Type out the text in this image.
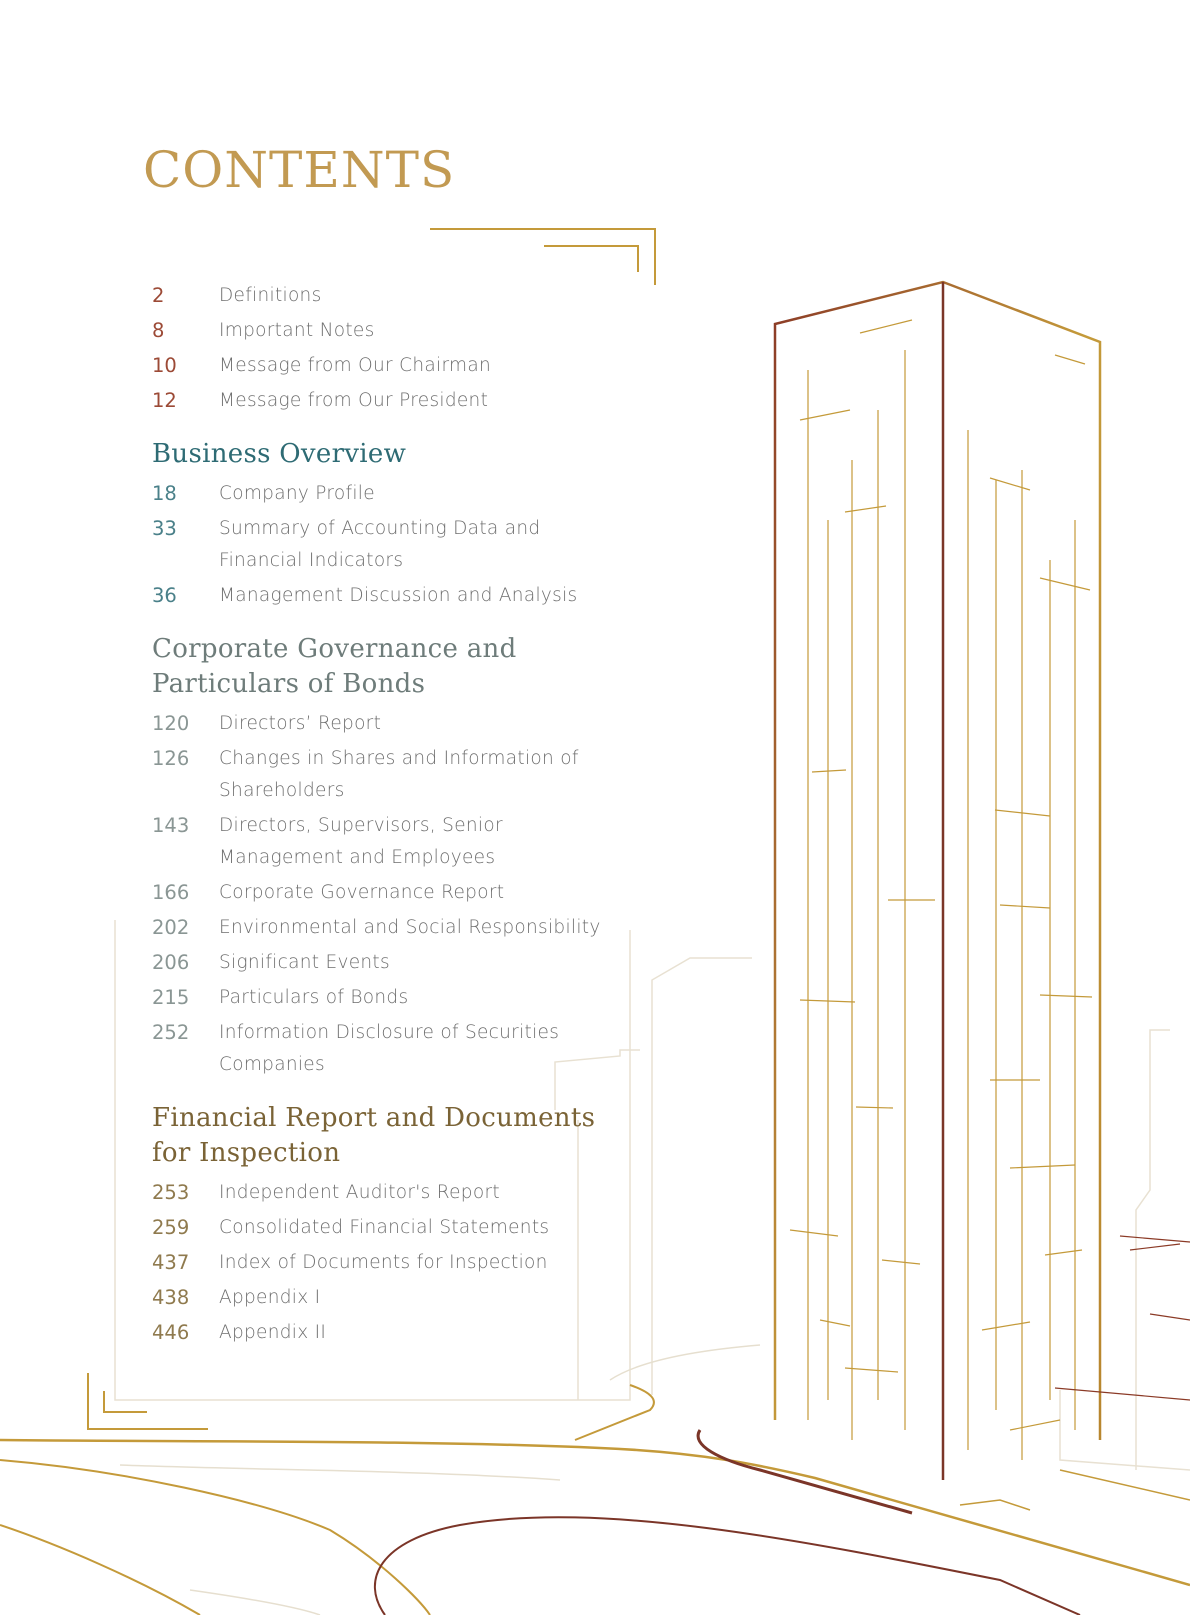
CONTENTS
2	Definitions
8	Important Notes
10	Message from Our Chairman
12	Message from Our President
Business Overview
18	Company Profile
33	Summary of Accounting Data and Financial Indicators
36	Management Discussion and Analysis
Corporate Governance and Particulars of Bonds
120	Directors’ Report
126	Changes in Shares and Information of Shareholders
143	Directors, Supervisors, Senior Management and Employees
166	Corporate Governance Report
202	Environmental and Social Responsibility
206	Significant Events
215	Particulars of Bonds
252	Information Disclosure of Securities Companies
Financial Report and Documents for Inspection
253	Independent Auditor's Report
259	Consolidated Financial Statements
437	Index of Documents for Inspection
438	Appendix I
446	Appendix II
